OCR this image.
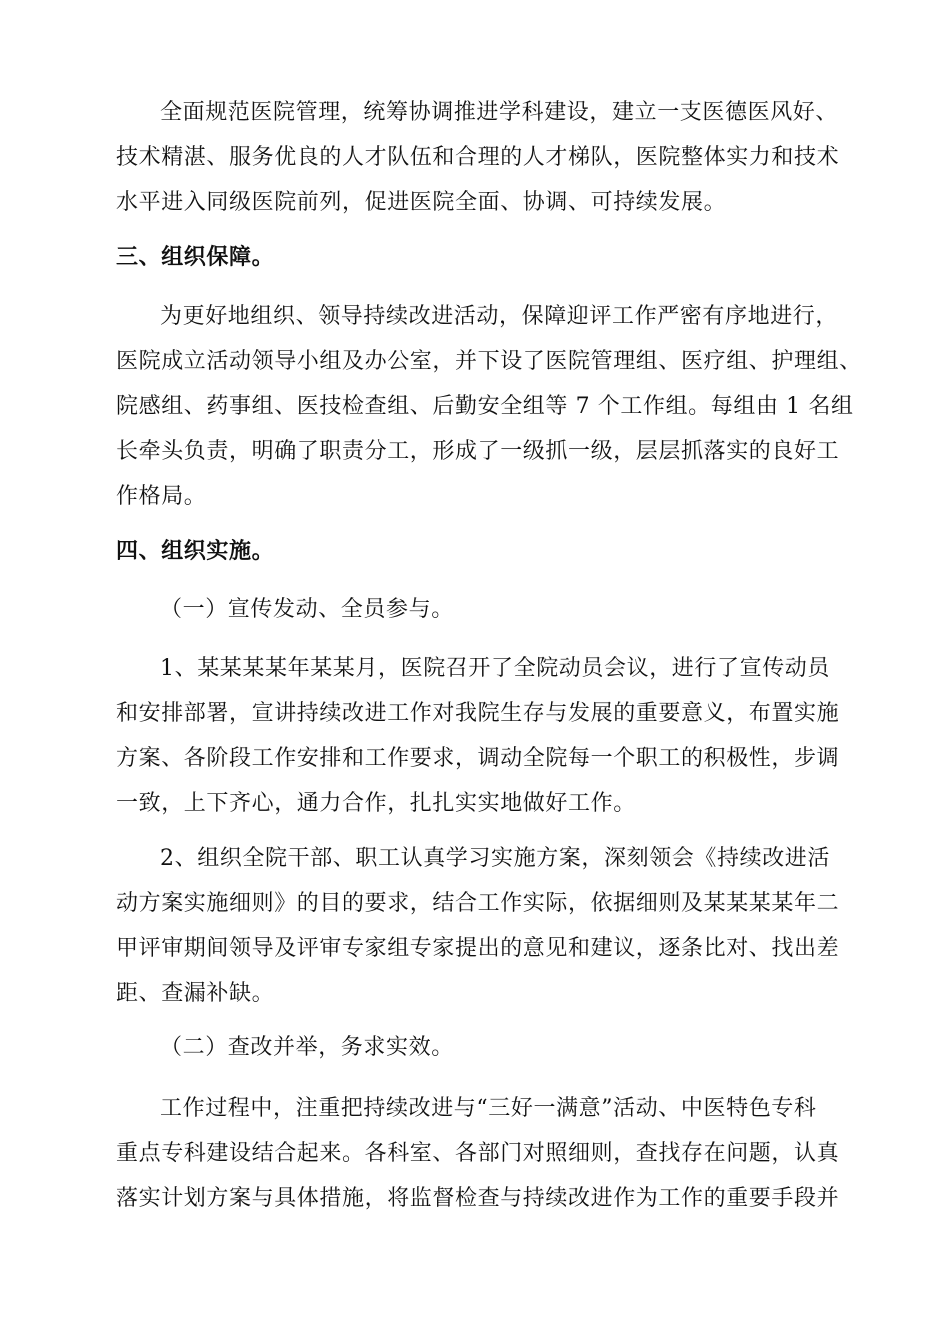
全面规范医院管理，统筹协调推进学科建设，建立一支医德医风好、
技术精湛、服务优良的人才队伍和合理的人才梯队，医院整体实力和技术
水平进入同级医院前列，促进医院全面、协调、可持续发展。
三、组织保障。
为更好地组织、领导持续改进活动，保障迎评工作严密有序地进行，
医院成立活动领导小组及办公室，并下设了医院管理组、医疗组、护理组、
院感组、药事组、医技检查组、后勤安全组等 7 个工作组。每组由 1 名组
长牵头负责，明确了职责分工，形成了一级抓一级，层层抓落实的良好工
作格局。
四、组织实施。
（一）宣传发动、全员参与。
1、某某某某年某某月，医院召开了全院动员会议，进行了宣传动员
和安排部署，宣讲持续改进工作对我院生存与发展的重要意义，布置实施
方案、各阶段工作安排和工作要求，调动全院每一个职工的积极性，步调
一致，上下齐心，通力合作，扎扎实实地做好工作。
2、组织全院干部、职工认真学习实施方案，深刻领会《持续改进活
动方案实施细则》的目的要求，结合工作实际，依据细则及某某某某年二
甲评审期间领导及评审专家组专家提出的意见和建议，逐条比对、找出差
距、查漏补缺。
（二）查改并举，务求实效。
工作过程中，注重把持续改进与“三好一满意”活动、中医特色专科
重点专科建设结合起来。各科室、各部门对照细则，查找存在问题，认真
落实计划方案与具体措施，将监督检查与持续改进作为工作的重要手段并
